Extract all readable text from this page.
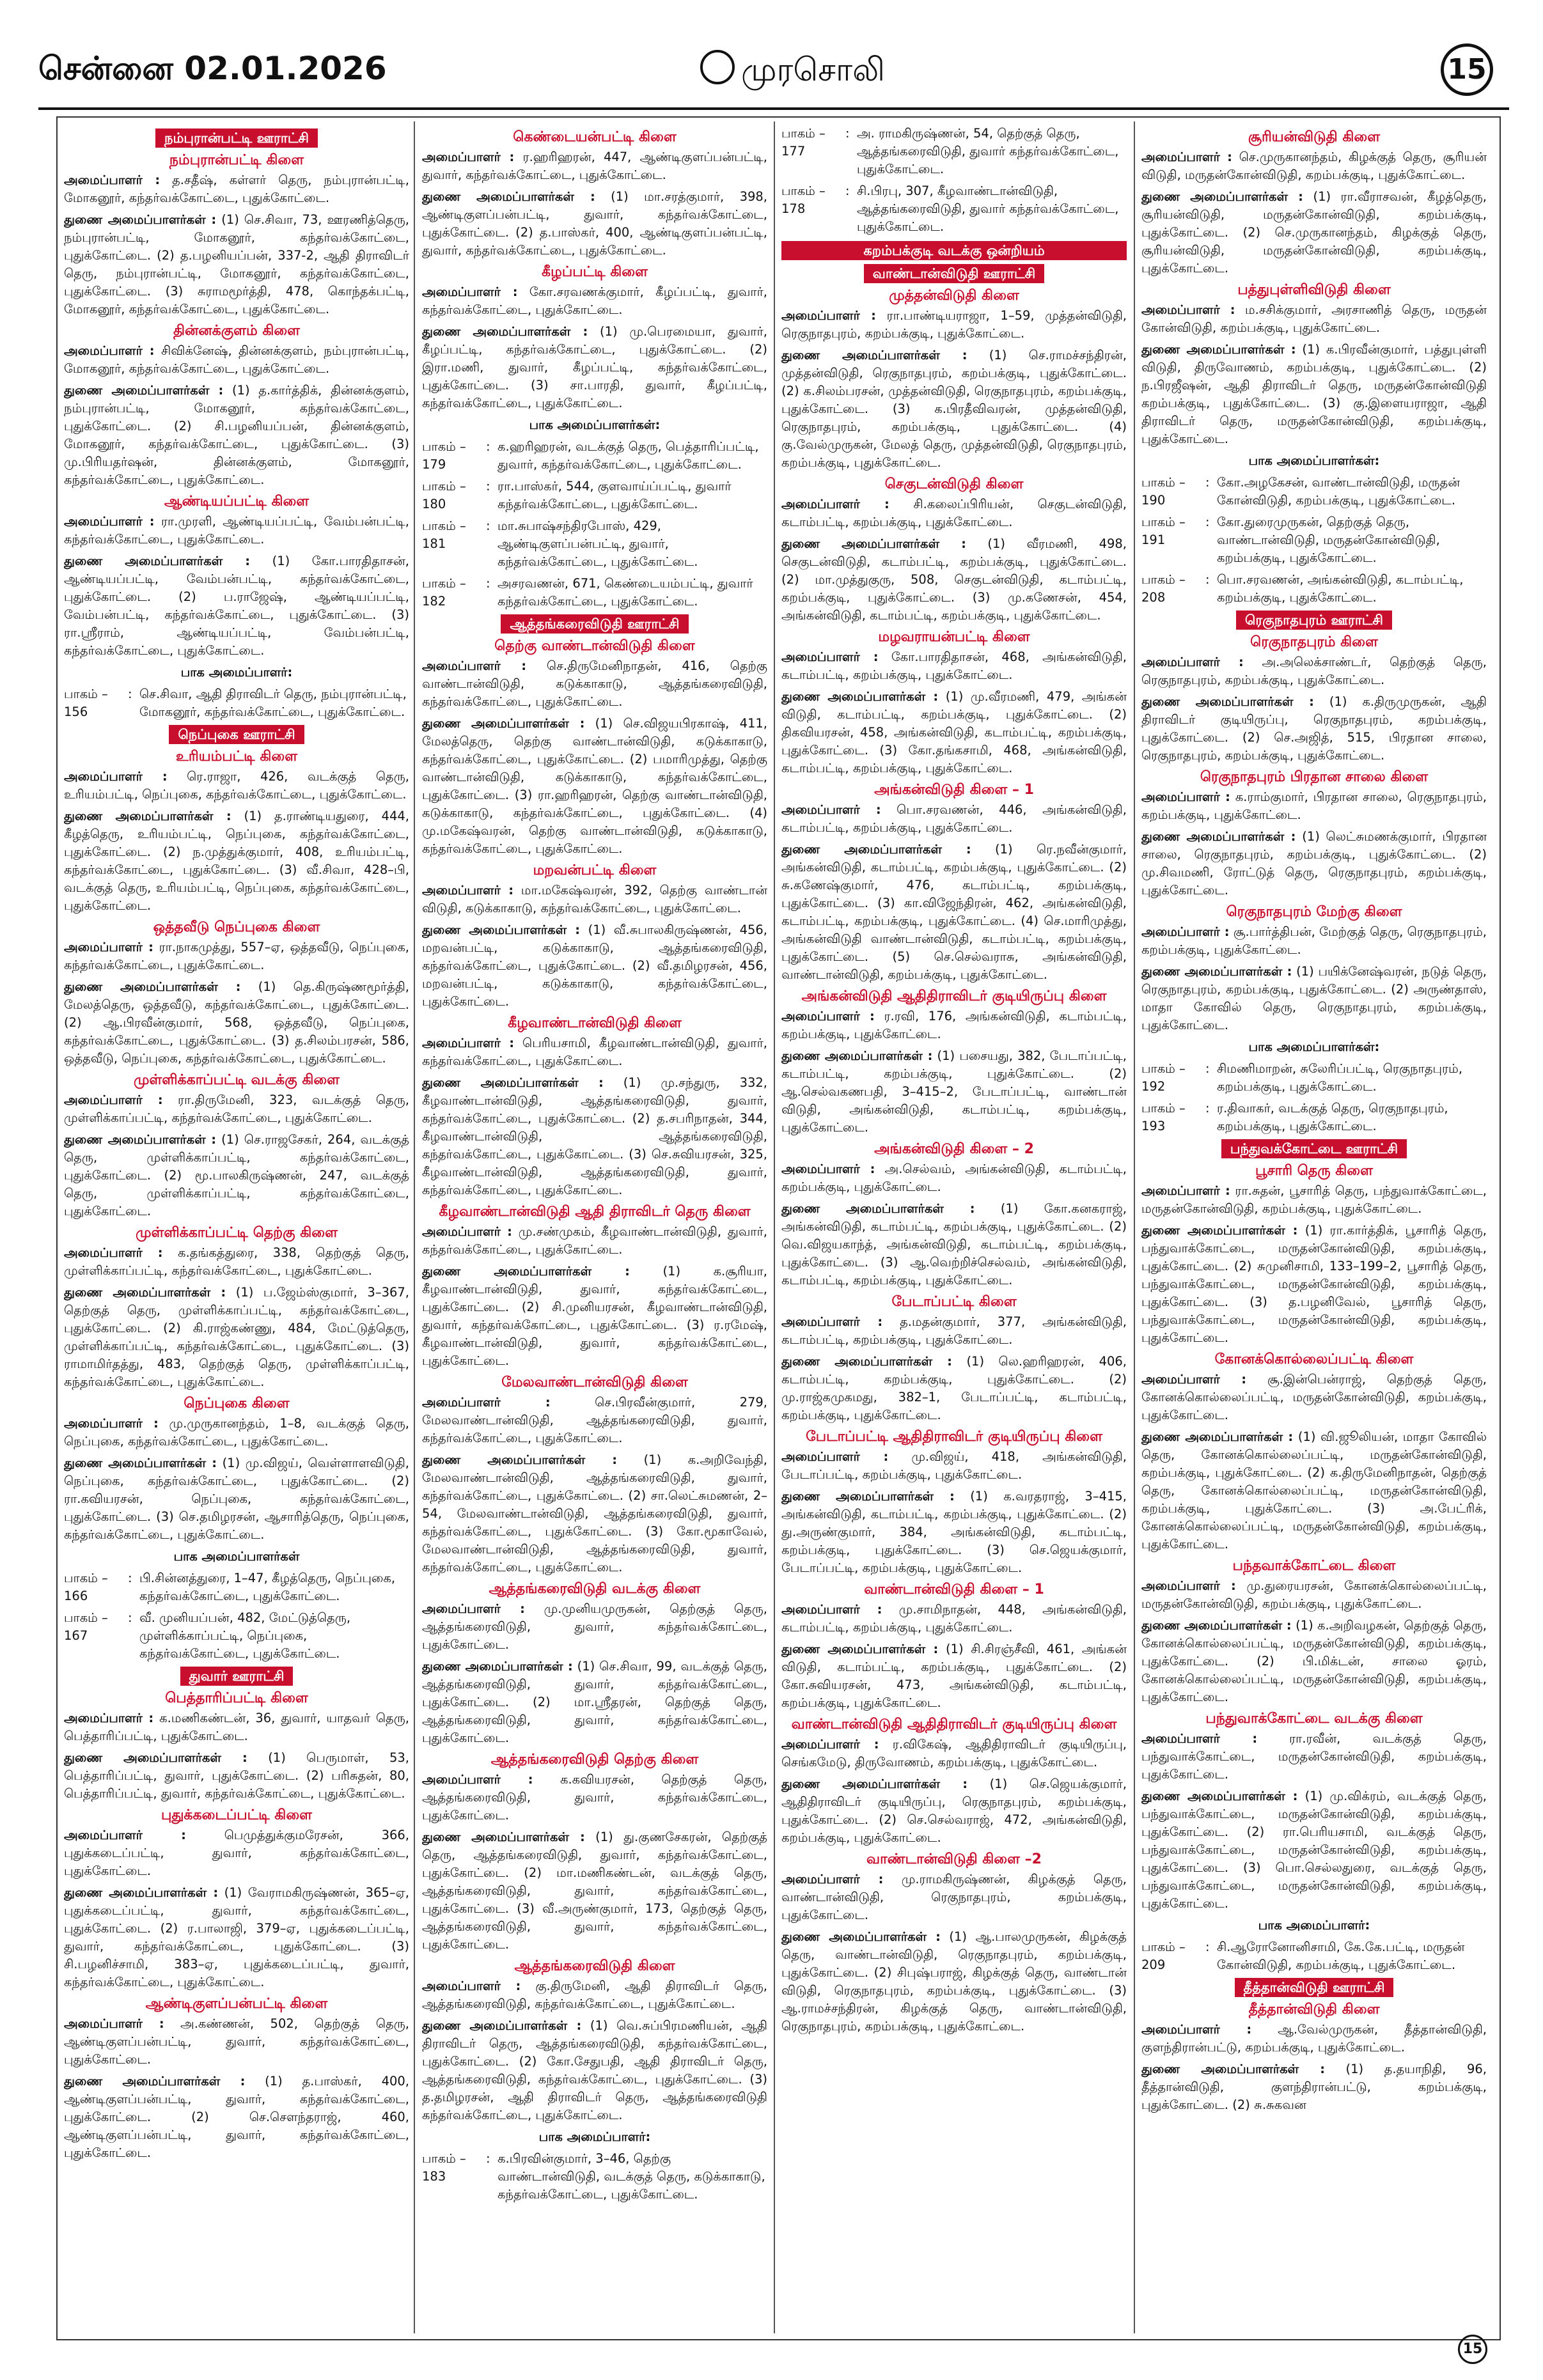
சென்னை 02.01.2026	முரசொலி	15
நம்புரான்பட்டி ஊராட்சி
நம்புரான்பட்டி கிளை
அமைப்பாளர் : த.சதீஷ், கள்ளர் தெரு, நம்புரான்பட்டி, மோகனூர், கந்தர்வக்கோட்டை, புதுக்கோட்டை.
துணை அமைப்பாளர்கள் : (1) செ.சிவா, 73, ஊரணித்தெரு, நம்புரான்பட்டி, மோகனூர், கந்தர்வக்கோட்டை, புதுக்கோட்டை. (2) த.பழனியப்பன், 337-2, ஆதி திராவிடர் தெரு, நம்புரான்பட்டி, மோகனூர், கந்தர்வக்கோட்டை, புதுக்கோட்டை. (3) சுராமமூர்த்தி, 478, கொந்தக்பட்டி, மோகனூர், கந்தர்வக்கோட்டை, புதுக்கோட்டை.
தின்னக்குளம் கிளை
அமைப்பாளர் : சிவிக்னேஷ், தின்னக்குளம், நம்புரான்பட்டி, மோகனூர், கந்தர்வக்கோட்டை, புதுக்கோட்டை.
துணை அமைப்பாளர்கள் : (1) த.கார்த்திக், தின்னக்குளம், நம்புரான்பட்டி, மோகனூர், கந்தர்வக்கோட்டை, புதுக்கோட்டை. (2) சி.பழனியப்பன், தின்னக்குளம், மோகனூர், கந்தர்வக்கோட்டை, புதுக்கோட்டை. (3) மு.பிரியதர்ஷன், தின்னக்குளம், மோகனூர், கந்தர்வக்கோட்டை, புதுக்கோட்டை.
ஆண்டியப்பட்டி கிளை
அமைப்பாளர் : ரா.முரளி, ஆண்டியப்பட்டி, வேம்பன்பட்டி, கந்தர்வக்கோட்டை, புதுக்கோட்டை.
துணை அமைப்பாளர்கள் : (1) கோ.பாரதிதாசன், ஆண்டியப்பட்டி, வேம்பன்பட்டி, கந்தர்வக்கோட்டை, புதுக்கோட்டை. (2) ப.ராஜேஷ், ஆண்டியப்பட்டி, வேம்பன்பட்டி, கந்தர்வக்கோட்டை, புதுக்கோட்டை. (3) ரா.ஸ்ரீராம், ஆண்டியப்பட்டி, வேம்பன்பட்டி, கந்தர்வக்கோட்டை, புதுக்கோட்டை.
பாக அமைப்பாளர்:
பாகம் – 156
: செ.சிவா, ஆதி திராவிடர் தெரு, நம்புரான்பட்டி, மோகனூர், கந்தர்வக்கோட்டை, புதுக்கோட்டை.
நெப்புகை ஊராட்சி
உரியம்பட்டி கிளை
அமைப்பாளர் : ரெ.ராஜா, 426, வடக்குத் தெரு, உரியம்பட்டி, நெப்புகை, கந்தர்வக்கோட்டை, புதுக்கோட்டை.
துணை அமைப்பாளர்கள் : (1) த.ராண்டியதுரை, 444, கீழத்தெரு, உரியம்பட்டி, நெப்புகை, கந்தர்வக்கோட்டை, புதுக்கோட்டை. (2) ந.முத்துக்குமார், 408, உரியம்பட்டி, கந்தர்வக்கோட்டை, புதுக்கோட்டை. (3) வீ.சிவா, 428–பி, வடக்குத் தெரு, உரியம்பட்டி, நெப்புகை, கந்தர்வக்கோட்டை, புதுக்கோட்டை.
ஒத்தவீடு நெப்புகை கிளை
அமைப்பாளர் : ரா.நாகமுத்து, 557–ஏ, ஒத்தவீடு, நெப்புகை, கந்தர்வக்கோட்டை, புதுக்கோட்டை.
துணை அமைப்பாளர்கள் : (1) தெ.கிருஷ்ணமூர்த்தி, மேலத்தெரு, ஒத்தவீடு, கந்தர்வக்கோட்டை, புதுக்கோட்டை. (2) ஆ.பிரவீன்குமார், 568, ஒத்தவீடு, நெப்புகை, கந்தர்வக்கோட்டை, புதுக்கோட்டை. (3) த.சிலம்பரசன், 586, ஒத்தவீடு, நெப்புகை, கந்தர்வக்கோட்டை, புதுக்கோட்டை.
முள்ளிக்காப்பட்டி வடக்கு கிளை
அமைப்பாளர் : ரா.திருமேனி, 323, வடக்குத் தெரு, முள்ளிக்காப்பட்டி, கந்தர்வக்கோட்டை, புதுக்கோட்டை.
துணை அமைப்பாளர்கள் : (1) செ.ராஜசேகர், 264, வடக்குத் தெரு, முள்ளிக்காப்பட்டி, கந்தர்வக்கோட்டை, புதுக்கோட்டை. (2) மூ.பாலகிருஷ்ணன், 247, வடக்குத் தெரு, முள்ளிக்காப்பட்டி, கந்தர்வக்கோட்டை, புதுக்கோட்டை.
முள்ளிக்காப்பட்டி தெற்கு கிளை
அமைப்பாளர் : க.தங்கத்துரை, 338, தெற்குத் தெரு, முள்ளிக்காப்பட்டி, கந்தர்வக்கோட்டை, புதுக்கோட்டை.
துணை அமைப்பாளர்கள் : (1) ப.ஜேம்ஸ்குமார், 3–367, தெற்குத் தெரு, முள்ளிக்காப்பட்டி, கந்தர்வக்கோட்டை, புதுக்கோட்டை. (2) கி.ராஜ்கண்ணு, 484, மேட்டுத்தெரு, முள்ளிக்காப்பட்டி, கந்தர்வக்கோட்டை, புதுக்கோட்டை. (3) ராமாமிர்தத்து, 483, தெற்குத் தெரு, முள்ளிக்காப்பட்டி, கந்தர்வக்கோட்டை, புதுக்கோட்டை.
நெப்புகை கிளை
அமைப்பாளர் : மு.முருகானந்தம், 1–8, வடக்குத் தெரு, நெப்புகை, கந்தர்வக்கோட்டை, புதுக்கோட்டை.
துணை அமைப்பாளர்கள் : (1) மு.விஜய், வெள்ளாளவிடுதி, நெப்புகை, கந்தர்வக்கோட்டை, புதுக்கோட்டை. (2) ரா.கவியரசன், நெப்புகை, கந்தர்வக்கோட்டை, புதுக்கோட்டை. (3) செ.தமிழரசன், ஆசாரித்தெரு, நெப்புகை, கந்தர்வக்கோட்டை, புதுக்கோட்டை.
பாக அமைப்பாளர்கள்
பாகம் – 166
: பி.சின்னத்துரை, 1–47, கீழத்தெரு, நெப்புகை, கந்தர்வக்கோட்டை, புதுக்கோட்டை.
பாகம் – 167
: வீ. முனியப்பன், 482, மேட்டுத்தெரு, முள்ளிக்காப்பட்டி, நெப்புகை, கந்தர்வக்கோட்டை, புதுக்கோட்டை.
துவார் ஊராட்சி
பெத்தாரிப்பட்டி கிளை
அமைப்பாளர் : க.மணிகண்டன், 36, துவார், யாதவர் தெரு, பெத்தாரிப்பட்டி, புதுக்கோட்டை.
துணை அமைப்பாளர்கள் : (1) பெருமாள், 53, பெத்தாரிப்பட்டி, துவார், புதுக்கோட்டை. (2) பரிசுதன், 80, பெத்தாரிப்பட்டி, துவார், கந்தர்வக்கோட்டை, புதுக்கோட்டை.
புதுக்கடைப்பட்டி கிளை
அமைப்பாளர் :	பெமுத்துக்குமரேசன், 366, புதுக்கடைப்பட்டி, துவார், கந்தர்வக்கோட்டை, புதுக்கோட்டை.
துணை அமைப்பாளர்கள் : (1) வேராமகிருஷ்ணன், 365–ஏ, புதுக்கடைப்பட்டி, துவார், கந்தர்வக்கோட்டை, புதுக்கோட்டை. (2) ர.பாலாஜி, 379–ஏ, புதுக்கடைப்பட்டி, துவார், கந்தர்வக்கோட்டை, புதுக்கோட்டை. (3) சி.பழனிச்சாமி, 383–ஏ, புதுக்கடைப்பட்டி, துவார், கந்தர்வக்கோட்டை, புதுக்கோட்டை.
ஆண்டிகுளப்பன்பட்டி கிளை
அமைப்பாளர் : அ.கண்ணன், 502, தெற்குத் தெரு, ஆண்டிகுளப்பன்பட்டி, துவார், கந்தர்வக்கோட்டை, புதுக்கோட்டை.
துணை அமைப்பாளர்கள் : (1) த.பாஸ்கர், 400, ஆண்டிகுளப்பன்பட்டி, துவார், கந்தர்வக்கோட்டை, புதுக்கோட்டை. (2) செ.சௌந்தராஜ், 460, ஆண்டிகுளப்பன்பட்டி, துவார், கந்தர்வக்கோட்டை, புதுக்கோட்டை.
கெண்டையன்பட்டி கிளை
அமைப்பாளர் : ர.ஹரிஹரன், 447, ஆண்டிகுளப்பன்பட்டி, துவார், கந்தர்வக்கோட்டை, புதுக்கோட்டை.
துணை அமைப்பாளர்கள் : (1) மா.சரத்குமார், 398, ஆண்டிகுளப்பன்பட்டி, துவார், கந்தர்வக்கோட்டை, புதுக்கோட்டை. (2) த.பாஸ்கர், 400, ஆண்டிகுளப்பன்பட்டி, துவார், கந்தர்வக்கோட்டை, புதுக்கோட்டை.
கீழப்பட்டி கிளை
அமைப்பாளர் : கோ.சரவணக்குமார், கீழப்பட்டி, துவார், கந்தர்வக்கோட்டை, புதுக்கோட்டை.
துணை அமைப்பாளர்கள் : (1) மு.பெரமையா, துவார், கீழப்பட்டி, கந்தர்வக்கோட்டை, புதுக்கோட்டை. (2) இரா.மணி, துவார், கீழப்பட்டி, கந்தர்வக்கோட்டை, புதுக்கோட்டை. (3) சா.பாரதி, துவார், கீழப்பட்டி, கந்தர்வக்கோட்டை, புதுக்கோட்டை.
பாக அமைப்பாளர்கள்:
பாகம் – 179
: க.ஹரிஹரன், வடக்குத் தெரு, பெத்தாரிப்பட்டி, துவார், கந்தர்வக்கோட்டை, புதுக்கோட்டை.
பாகம் – 180
: ரா.பாஸ்கர், 544, குளவாய்ப்பட்டி, துவார் கந்தர்வக்கோட்டை, புதுக்கோட்டை.
பாகம் – 181
: மா.சுபாஷ்சந்திரபோஸ், 429, ஆண்டிகுளப்பன்பட்டி, துவார், கந்தர்வக்கோட்டை, புதுக்கோட்டை.
பாகம் – 182
: அசரவணன், 671, கெண்டையம்பட்டி, துவார் கந்தர்வக்கோட்டை, புதுக்கோட்டை.
ஆத்தங்கரைவிடுதி ஊராட்சி
தெற்கு வாண்டான்விடுதி கிளை
அமைப்பாளர் : செ.திருமேனிநாதன், 416, தெற்கு வாண்டான்விடுதி, கடுக்காகாடு, ஆத்தங்கரைவிடுதி, கந்தர்வக்கோட்டை, புதுக்கோட்டை.
துணை அமைப்பாளர்கள் : (1) செ.விஜயபிரகாஷ், 411, மேலத்தெரு, தெற்கு வாண்டான்விடுதி, கடுக்காகாடு, கந்தர்வக்கோட்டை, புதுக்கோட்டை. (2) பமாரிமுத்து, தெற்கு வாண்டான்விடுதி, கடுக்காகாடு, கந்தர்வக்கோட்டை, புதுக்கோட்டை. (3) ரா.ஹரிஹரன், தெற்கு வாண்டான்விடுதி, கடுக்காகாடு, கந்தர்வக்கோட்டை, புதுக்கோட்டை. (4) மு.மகேஷ்வரன், தெற்கு வாண்டான்விடுதி, கடுக்காகாடு, கந்தர்வக்கோட்டை, புதுக்கோட்டை.
மறவன்பட்டி கிளை
அமைப்பாளர் : மா.மகேஷ்வரன், 392, தெற்கு வாண்டான் விடுதி, கடுக்காகாடு, கந்தர்வக்கோட்டை, புதுக்கோட்டை.
துணை அமைப்பாளர்கள் : (1) வீ.சுபாலகிருஷ்ணன், 456, மறவன்பட்டி, கடுக்காகாடு, ஆத்தங்கரைவிடுதி, கந்தர்வக்கோட்டை, புதுக்கோட்டை. (2) வீ.தமிழரசன், 456, மறவன்பட்டி, கடுக்காகாடு, கந்தர்வக்கோட்டை, புதுக்கோட்டை.
கீழவாண்டான்விடுதி கிளை
அமைப்பாளர் : பெரியசாமி, கீழவாண்டான்விடுதி, துவார், கந்தர்வக்கோட்டை, புதுக்கோட்டை.
துணை அமைப்பாளர்கள் : (1) மு.சந்துரு, 332, கீழவாண்டான்விடுதி, ஆத்தங்கரைவிடுதி, துவார், கந்தர்வக்கோட்டை, புதுக்கோட்டை. (2) த.சபரிநாதன், 344, கீழவாண்டான்விடுதி, ஆத்தங்கரைவிடுதி, கந்தர்வக்கோட்டை, புதுக்கோட்டை. (3) செ.சுவியரசன், 325, கீழவாண்டான்விடுதி, ஆத்தங்கரைவிடுதி, துவார், கந்தர்வக்கோட்டை, புதுக்கோட்டை.
கீழவாண்டான்விடுதி ஆதி திராவிடர் தெரு கிளை
அமைப்பாளர் : மு.சண்முகம், கீழவாண்டான்விடுதி, துவார், கந்தர்வக்கோட்டை, புதுக்கோட்டை.
துணை அமைப்பாளர்கள் :	(1) க.சூரியா, கீழவாண்டான்விடுதி, துவார், கந்தர்வக்கோட்டை, புதுக்கோட்டை. (2) சி.முனியரசன், கீழவாண்டான்விடுதி, துவார், கந்தர்வக்கோட்டை, புதுக்கோட்டை. (3) ர.ரமேஷ், கீழவாண்டான்விடுதி, துவார், கந்தர்வக்கோட்டை, புதுக்கோட்டை.
மேலவாண்டான்விடுதி கிளை
அமைப்பாளர் :	செ.பிரவீன்குமார், 279, மேலவாண்டான்விடுதி, ஆத்தங்கரைவிடுதி, துவார், கந்தர்வக்கோட்டை, புதுக்கோட்டை.
துணை அமைப்பாளர்கள் : (1) க.அறிவேந்தி, மேலவாண்டான்விடுதி, ஆத்தங்கரைவிடுதி, துவார், கந்தர்வக்கோட்டை, புதுக்கோட்டை. (2) சா.லெட்சுமணன், 2–54, மேலவாண்டான்விடுதி, ஆத்தங்கரைவிடுதி, துவார், கந்தர்வக்கோட்டை, புதுக்கோட்டை. (3) கோ.மூகாவேல், மேலவாண்டான்விடுதி, ஆத்தங்கரைவிடுதி, துவார், கந்தர்வக்கோட்டை, புதுக்கோட்டை.
ஆத்தங்கரைவிடுதி வடக்கு கிளை
அமைப்பாளர் : மு.முனியமுருகன், தெற்குத் தெரு, ஆத்தங்கரைவிடுதி, துவார், கந்தர்வக்கோட்டை, புதுக்கோட்டை.
துணை அமைப்பாளர்கள் : (1) செ.சிவா, 99, வடக்குத் தெரு, ஆத்தங்கரைவிடுதி, துவார், கந்தர்வக்கோட்டை, புதுக்கோட்டை. (2) மா.ஸ்ரீதரன், தெற்குத் தெரு, ஆத்தங்கரைவிடுதி, துவார், கந்தர்வக்கோட்டை, புதுக்கோட்டை.
ஆத்தங்கரைவிடுதி தெற்கு கிளை
அமைப்பாளர் : க.கவியரசன், தெற்குத் தெரு, ஆத்தங்கரைவிடுதி, துவார், கந்தர்வக்கோட்டை, புதுக்கோட்டை.
துணை அமைப்பாளர்கள் : (1) து.குணசேகரன், தெற்குத் தெரு, ஆத்தங்கரைவிடுதி, துவார், கந்தர்வக்கோட்டை, புதுக்கோட்டை. (2) மா.மணிகண்டன், வடக்குத் தெரு, ஆத்தங்கரைவிடுதி, துவார், கந்தர்வக்கோட்டை, புதுக்கோட்டை. (3) வீ.அருண்குமார், 173, தெற்குத் தெரு, ஆத்தங்கரைவிடுதி, துவார், கந்தர்வக்கோட்டை, புதுக்கோட்டை.
ஆத்தங்கரைவிடுதி கிளை
அமைப்பாளர் : கு.திருமேனி, ஆதி திராவிடர் தெரு, ஆத்தங்கரைவிடுதி, கந்தர்வக்கோட்டை, புதுக்கோட்டை.
துணை அமைப்பாளர்கள் : (1) வெ.சுப்பிரமணியன், ஆதி திராவிடர் தெரு, ஆத்தங்கரைவிடுதி, கந்தர்வக்கோட்டை, புதுக்கோட்டை. (2) கோ.சேதுபதி, ஆதி திராவிடர் தெரு, ஆத்தங்கரைவிடுதி, கந்தர்வக்கோட்டை, புதுக்கோட்டை. (3) த.தமிழரசன், ஆதி திராவிடர் தெரு, ஆத்தங்கரைவிடுதி கந்தர்வக்கோட்டை, புதுக்கோட்டை.
பாக அமைப்பாளர்:
பாகம் – 183
: க.பிரவின்குமார், 3–46, தெற்கு வாண்டான்விடுதி, வடக்குத் தெரு, கடுக்காகாடு, கந்தர்வக்கோட்டை, புதுக்கோட்டை.
பாகம் – 177
: அ. ராமகிருஷ்ணன், 54, தெற்குத் தெரு, ஆத்தங்கரைவிடுதி, துவார் கந்தர்வக்கோட்டை, புதுக்கோட்டை.
பாகம் – 178
: சி.பிரபு, 307, கீழவாண்டான்விடுதி, ஆத்தங்கரைவிடுதி, துவார் கந்தர்வக்கோட்டை, புதுக்கோட்டை.
கறம்பக்குடி வடக்கு ஒன்றியம்
வாண்டான்விடுதி ஊராட்சி
முத்தன்விடுதி கிளை
அமைப்பாளர் : ரா.பாண்டியராஜா, 1–59, முத்தன்விடுதி, ரெகுநாதபுரம், கறம்பக்குடி, புதுக்கோட்டை.
துணை அமைப்பாளர்கள் : (1) செ.ராமச்சந்திரன், முத்தன்விடுதி, ரெகுநாதபுரம், கறம்பக்குடி, புதுக்கோட்டை. (2) க.சிலம்பரசன், முத்தன்விடுதி, ரெகுநாதபுரம், கறம்பக்குடி, புதுக்கோட்டை. (3) க.பிரதீவிவரன், முத்தன்விடுதி, ரெகுநாதபுரம், கறம்பக்குடி, புதுக்கோட்டை. (4) கு.வேல்முருகன், மேலத் தெரு, முத்தன்விடுதி, ரெகுநாதபுரம், கறம்பக்குடி, புதுக்கோட்டை.
செகுடன்விடுதி கிளை
அமைப்பாளர் : சி.கலைப்பிரியன், செகுடன்விடுதி, கடாம்பட்டி, கறம்பக்குடி, புதுக்கோட்டை.
துணை அமைப்பாளர்கள் : (1) வீரமணி, 498, செகுடன்விடுதி, கடாம்பட்டி, கறம்பக்குடி, புதுக்கோட்டை. (2) மா.முத்துகுரு, 508, செகுடன்விடுதி, கடாம்பட்டி, கறம்பக்குடி, புதுக்கோட்டை. (3) மு.கணேசன், 454, அங்கன்விடுதி, கடாம்பட்டி, கறம்பக்குடி, புதுக்கோட்டை.
மழவராயன்பட்டி கிளை
அமைப்பாளர் : கோ.பாரதிதாசன், 468, அங்கன்விடுதி, கடாம்பட்டி, கறம்பக்குடி, புதுக்கோட்டை.
துணை அமைப்பாளர்கள் : (1) மு.வீரமணி, 479, அங்கன் விடுதி, கடாம்பட்டி, கறம்பக்குடி, புதுக்கோட்டை. (2) திகவியரசன், 458, அங்கன்விடுதி, கடாம்பட்டி, கறம்பக்குடி, புதுக்கோட்டை. (3) கோ.தங்கசாமி, 468, அங்கன்விடுதி, கடாம்பட்டி, கறம்பக்குடி, புதுக்கோட்டை.
அங்கன்விடுதி கிளை – 1
அமைப்பாளர் : பொ.சரவணன், 446, அங்கன்விடுதி, கடாம்பட்டி, கறம்பக்குடி, புதுக்கோட்டை.
துணை அமைப்பாளர்கள் : (1) ரெ.நவீன்குமார், அங்கன்விடுதி, கடாம்பட்டி, கறம்பக்குடி, புதுக்கோட்டை. (2) சு.கணேஷ்குமார், 476, கடாம்பட்டி, கறம்பக்குடி, புதுக்கோட்டை. (3) கா.விஜேந்திரன், 462, அங்கன்விடுதி, கடாம்பட்டி, கறம்பக்குடி, புதுக்கோட்டை. (4) செ.மாரிமுத்து, அங்கன்விடுதி வாண்டான்விடுதி, கடாம்பட்டி, கறம்பக்குடி, புதுக்கோட்டை. (5) செ.செல்வராசு, அங்கன்விடுதி, வாண்டான்விடுதி, கறம்பக்குடி, புதுக்கோட்டை.
அங்கன்விடுதி ஆதிதிராவிடர் குடியிருப்பு கிளை
அமைப்பாளர் : ர.ரவி, 176, அங்கன்விடுதி, கடாம்பட்டி, கறம்பக்குடி, புதுக்கோட்டை.
துணை அமைப்பாளர்கள் : (1) பசையது, 382, பேடாப்பட்டி, கடாம்பட்டி, கறம்பக்குடி, புதுக்கோட்டை. (2) ஆ.செல்வகணபதி, 3–415–2, பேடாப்பட்டி, வாண்டான் விடுதி, அங்கன்விடுதி, கடாம்பட்டி, கறம்பக்குடி, புதுக்கோட்டை.
அங்கன்விடுதி கிளை – 2
அமைப்பாளர் : அ.செல்வம், அங்கன்விடுதி, கடாம்பட்டி, கறம்பக்குடி, புதுக்கோட்டை.
துணை அமைப்பாளர்கள் : (1) கோ.கனகராஜ், அங்கன்விடுதி, கடாம்பட்டி, கறம்பக்குடி, புதுக்கோட்டை. (2) வெ.விஜயகாந்த், அங்கன்விடுதி, கடாம்பட்டி, கறம்பக்குடி, புதுக்கோட்டை. (3) ஆ.வெற்றிச்செல்வம், அங்கன்விடுதி, கடாம்பட்டி, கறம்பக்குடி, புதுக்கோட்டை.
பேடாப்பட்டி கிளை
அமைப்பாளர் : த.மதன்குமார், 377, அங்கன்விடுதி, கடாம்பட்டி, கறம்பக்குடி, புதுக்கோட்டை.
துணை அமைப்பாளர்கள் : (1) லெ.ஹரிஹரன், 406, கடாம்பட்டி, கறம்பக்குடி, புதுக்கோட்டை. (2) மு.ராஜ்கமுகமது, 382–1, பேடாப்பட்டி, கடாம்பட்டி, கறம்பக்குடி, புதுக்கோட்டை.
பேடாப்பட்டி ஆதிதிராவிடர் குடியிருப்பு கிளை
அமைப்பாளர் : மு.விஜய், 418, அங்கன்விடுதி, பேடாப்பட்டி, கறம்பக்குடி, புதுக்கோட்டை.
துணை அமைப்பாளர்கள் : (1) க.வரதராஜ், 3–415, அங்கன்விடுதி, கடாம்பட்டி, கறம்பக்குடி, புதுக்கோட்டை. (2) து.அருண்குமார், 384, அங்கன்விடுதி, கடாம்பட்டி, கறம்பக்குடி, புதுக்கோட்டை. (3) செ.ஜெயக்குமார், பேடாப்பட்டி, கறம்பக்குடி, புதுக்கோட்டை.
வாண்டான்விடுதி கிளை – 1
அமைப்பாளர் : மு.சாமிநாதன், 448, அங்கன்விடுதி, கடாம்பட்டி, கறம்பக்குடி, புதுக்கோட்டை.
துணை அமைப்பாளர்கள் : (1) சி.சிரஞ்சீவி, 461, அங்கன் விடுதி, கடாம்பட்டி, கறம்பக்குடி, புதுக்கோட்டை. (2) கோ.சுவியரசன், 473, அங்கன்விடுதி, கடாம்பட்டி, கறம்பக்குடி, புதுக்கோட்டை.
வாண்டான்விடுதி ஆதிதிராவிடர் குடியிருப்பு கிளை
அமைப்பாளர் : ர.விகேஷ், ஆதிதிராவிடர் குடியிருப்பு, செங்கமேடு, திருவோணம், கறம்பக்குடி, புதுக்கோட்டை.
துணை அமைப்பாளர்கள் : (1) செ.ஜெயக்குமார், ஆதிதிராவிடர் குடியிருப்பு, ரெகுநாதபுரம், கறம்பக்குடி, புதுக்கோட்டை. (2) செ.செல்வராஜ், 472, அங்கன்விடுதி, கறம்பக்குடி, புதுக்கோட்டை.
வாண்டான்விடுதி கிளை –2
அமைப்பாளர் : மு.ராமகிருஷ்ணன், கிழக்குத் தெரு, வாண்டான்விடுதி, ரெகுநாதபுரம், கறம்பக்குடி, புதுக்கோட்டை.
துணை அமைப்பாளர்கள் : (1) ஆ.பாலமுருகன், கிழக்குத் தெரு, வாண்டான்விடுதி, ரெகுநாதபுரம், கறம்பக்குடி, புதுக்கோட்டை. (2) சிபுஷ்பராஜ், கிழக்குத் தெரு, வாண்டான் விடுதி, ரெகுநாதபுரம், கறம்பக்குடி, புதுக்கோட்டை. (3) ஆ.ராமச்சந்திரன், கிழக்குத் தெரு, வாண்டான்விடுதி, ரெகுநாதபுரம், கறம்பக்குடி, புதுக்கோட்டை.
சூரியன்விடுதி கிளை
அமைப்பாளர் : செ.முருகானந்தம், கிழக்குத் தெரு, சூரியன் விடுதி, மருதன்கோன்விடுதி, கறம்பக்குடி, புதுக்கோட்டை.
துணை அமைப்பாளர்கள் : (1) ரா.வீராசவன், கீழத்தெரு, சூரியன்விடுதி, மருதன்கோன்விடுதி, கறம்பக்குடி, புதுக்கோட்டை. (2) செ.முருகானந்தம், கிழக்குத் தெரு, சூரியன்விடுதி, மருதன்கோன்விடுதி, கறம்பக்குடி, புதுக்கோட்டை.
பத்துபுள்ளிவிடுதி கிளை
அமைப்பாளர் : ம.சசிக்குமார், அரசாணித் தெரு, மருதன் கோன்விடுதி, கறம்பக்குடி, புதுக்கோட்டை.
துணை அமைப்பாளர்கள் : (1) க.பிரவீன்குமார், பத்துபுள்ளி விடுதி, திருவோணம், கறம்பக்குடி, புதுக்கோட்டை. (2) ந.பிரஜீஷன், ஆதி திராவிடர் தெரு, மருதன்கோன்விடுதி கறம்பக்குடி, புதுக்கோட்டை. (3) கு.இளையராஜா, ஆதி திராவிடர் தெரு, மருதன்கோன்விடுதி, கறம்பக்குடி, புதுக்கோட்டை.
பாக அமைப்பாளர்கள்:
பாகம் – 190
: கோ.அழகேசன், வாண்டான்விடுதி, மருதன் கோன்விடுதி, கறம்பக்குடி, புதுக்கோட்டை.
பாகம் – 191
: கோ.துரைமுருகன், தெற்குத் தெரு, வாண்டான்விடுதி, மருதன்கோன்விடுதி, கறம்பக்குடி, புதுக்கோட்டை.
பாகம் – 208
: பொ.சரவணன், அங்கன்விடுதி, கடாம்பட்டி, கறம்பக்குடி, புதுக்கோட்டை.
ரெகுநாதபுரம் ஊராட்சி
ரெகுநாதபுரம் கிளை
அமைப்பாளர் : அ.அலெக்சாண்டர், தெற்குத் தெரு, ரெகுநாதபுரம், கறம்பக்குடி, புதுக்கோட்டை.
துணை அமைப்பாளர்கள் : (1) க.திருமுருகன், ஆதி திராவிடர் குடியிருப்பு, ரெகுநாதபுரம், கறம்பக்குடி, புதுக்கோட்டை. (2) செ.அஜித், 515, பிரதான சாலை, ரெகுநாதபுரம், கறம்பக்குடி, புதுக்கோட்டை.
ரெகுநாதபுரம் பிரதான சாலை கிளை
அமைப்பாளர் : க.ராம்குமார், பிரதான சாலை, ரெகுநாதபுரம், கறம்பக்குடி, புதுக்கோட்டை.
துணை அமைப்பாளர்கள் : (1) லெட்சுமணக்குமார், பிரதான சாலை, ரெகுநாதபுரம், கறம்பக்குடி, புதுக்கோட்டை. (2) மு.சிவமணி, ரோட்டுத் தெரு, ரெகுநாதபுரம், கறம்பக்குடி, புதுக்கோட்டை.
ரெகுநாதபுரம் மேற்கு கிளை
அமைப்பாளர் : சூ.பார்த்திபன், மேற்குத் தெரு, ரெகுநாதபுரம், கறம்பக்குடி, புதுக்கோட்டை.
துணை அமைப்பாளர்கள் : (1) பயிக்னேஷ்வரன், நடுத் தெரு, ரெகுநாதபுரம், கறம்பக்குடி, புதுக்கோட்டை. (2) அருண்தாஸ், மாதா கோவில் தெரு, ரெகுநாதபுரம், கறம்பக்குடி, புதுக்கோட்டை.
பாக அமைப்பாளர்கள்:
பாகம் – 192
: சிமணிமாறன், சுலேரிப்பட்டி, ரெகுநாதபுரம், கறம்பக்குடி, புதுக்கோட்டை.
பாகம் – 193
: ர.திவாகர், வடக்குத் தெரு, ரெகுநாதபுரம், கறம்பக்குடி, புதுக்கோட்டை.
பந்துவக்கோட்டை ஊராட்சி
பூசாரி தெரு கிளை
அமைப்பாளர் : ரா.சுதன், பூசாரித் தெரு, பந்துவாக்கோட்டை, மருதன்கோன்விடுதி, கறம்பக்குடி, புதுக்கோட்டை.
துணை அமைப்பாளர்கள் : (1) ரா.கார்த்திக், பூசாரித் தெரு, பந்துவாக்கோட்டை, மருதன்கோன்விடுதி, கறம்பக்குடி, புதுக்கோட்டை. (2) சுமுனிசாமி, 133–199–2, பூசாரித் தெரு, பந்துவாக்கோட்டை, மருதன்கோன்விடுதி, கறம்பக்குடி, புதுக்கோட்டை. (3) த.பழனிவேல், பூசாரித் தெரு, பந்துவாக்கோட்டை, மருதன்கோன்விடுதி, கறம்பக்குடி, புதுக்கோட்டை.
கோனக்கொல்லைப்பட்டி கிளை
அமைப்பாளர் : சூ.இன்பென்ராஜ், தெற்குத் தெரு, கோனக்கொல்லைப்பட்டி, மருதன்கோன்விடுதி, கறம்பக்குடி, புதுக்கோட்டை.
துணை அமைப்பாளர்கள் : (1) வி.ஜூலியன், மாதா கோவில் தெரு, கோனக்கொல்லைப்பட்டி, மருதன்கோன்விடுதி, கறம்பக்குடி, புதுக்கோட்டை. (2) க.திருமேனிநாதன், தெற்குத் தெரு, கோனக்கொல்லைப்பட்டி, மருதன்கோன்விடுதி, கறம்பக்குடி, புதுக்கோட்டை. (3) அ.பேட்ரிக், கோனக்கொல்லைப்பட்டி, மருதன்கோன்விடுதி, கறம்பக்குடி, புதுக்கோட்டை.
பந்தவாக்கோட்டை கிளை
அமைப்பாளர் : மு.துரையரசன், கோனக்கொல்லைப்பட்டி, மருதன்கோன்விடுதி, கறம்பக்குடி, புதுக்கோட்டை.
துணை அமைப்பாளர்கள் : (1) க.அறிவழகன், தெற்குத் தெரு, கோனக்கொல்லைப்பட்டி, மருதன்கோன்விடுதி, கறம்பக்குடி, புதுக்கோட்டை. (2) பி.மிக்டன், சாலை ஓரம், கோனக்கொல்லைப்பட்டி, மருதன்கோன்விடுதி, கறம்பக்குடி, புதுக்கோட்டை.
பந்துவாக்கோட்டை வடக்கு கிளை
அமைப்பாளர் :	ரா.ரவீன், வடக்குத் தெரு, பந்துவாக்கோட்டை, மருதன்கோன்விடுதி, கறம்பக்குடி, புதுக்கோட்டை.
துணை அமைப்பாளர்கள் : (1) மு.விக்ரம், வடக்குத் தெரு, பந்துவாக்கோட்டை, மருதன்கோன்விடுதி, கறம்பக்குடி, புதுக்கோட்டை. (2) ரா.பெரியசாமி, வடக்குத் தெரு, பந்துவாக்கோட்டை, மருதன்கோன்விடுதி, கறம்பக்குடி, புதுக்கோட்டை. (3) பொ.செல்லதுரை, வடக்குத் தெரு, பந்துவாக்கோட்டை, மருதன்கோன்விடுதி, கறம்பக்குடி, புதுக்கோட்டை.
பாக அமைப்பாளர்:
பாகம் – 209
: சி.ஆரோனோனிசாமி, கே.கே.பட்டி, மருதன் கோன்விடுதி, கறம்பக்குடி, புதுக்கோட்டை.
தீத்தான்விடுதி ஊராட்சி
தீத்தான்விடுதி கிளை
அமைப்பாளர் : ஆ.வேல்முருகன், தீத்தான்விடுதி, குளந்திரான்பட்டு, கறம்பக்குடி, புதுக்கோட்டை.
துணை அமைப்பாளர்கள் : (1) த.தயாநிதி, 96, தீத்தான்விடுதி, குளந்திரான்பட்டு, கறம்பக்குடி, புதுக்கோட்டை. (2) சு.சுகவன
15
